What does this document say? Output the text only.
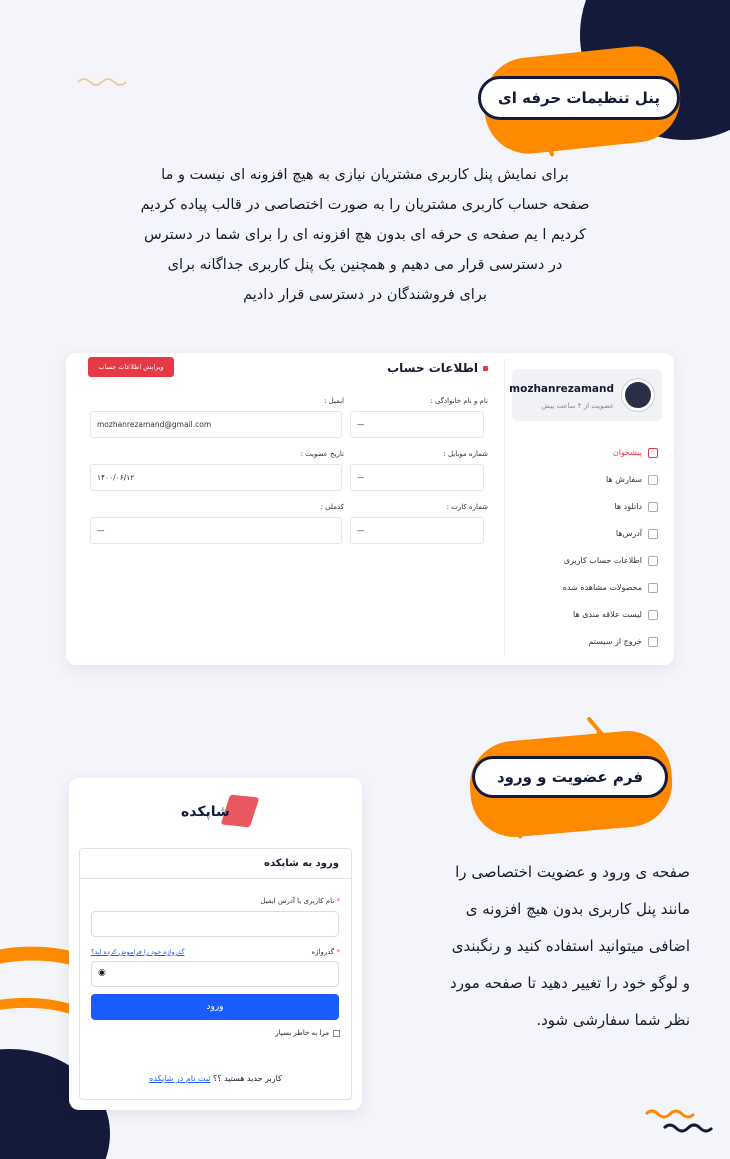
پنل تنظیمات حرفه ای
برای نمایش پنل کاربری مشتریان نیازی به هیچ افزونه ای نیست و ما
صفحه حساب کاربری مشتریان را به صورت اختصاصی در قالب پیاده کردیم
کردیم ا یم صفحه ی حرفه ای بدون هچ افزونه ای را برای شما در دسترس
در دسترسی قرار می دهیم و همچنین یک پنل کاربری جداگانه برای
برای فروشندگان در دسترسی قرار دادیم
mozhanrezamand
عضویت از ۴ ساعت پیش
پیشخوان
سفارش ها
دانلود ها
آدرس‌ها
اطلاعات حساب کاربری
محصولات مشاهده شده
لیست علاقه مندی ها
خروج از سیستم
اطلاعات حساب
ویرایش اطلاعات حساب
نام و نام خانوادگی :
—
ایمیل :
mozhanrezamand@gmail.com
شماره موبایل :
—
تاریخ عضویت :
۱۴۰۰/۰۶/۱۲
شماره کارت :
—
کدملی :
—
فرم عضویت و ورود
صفحه ی ورود و عضویت اختصاصی را
مانند پنل کاربری بدون هیچ افزونه ی
اضافی میتوانید استفاده کنید و رنگبندی
و لوگو خود را تغییر دهید تا صفحه مورد
نظر شما سفارشی شود.
شاپکده
ورود به شاپکده
* نام کاربری یا آدرس ایمیل
* گذرواژه
گذرواژه خود را فراموش کرده اید؟
◉
ورود
مرا به خاطر بسپار
کاربر جدید هستید ؟؟ ثبت نام در شاپکده
